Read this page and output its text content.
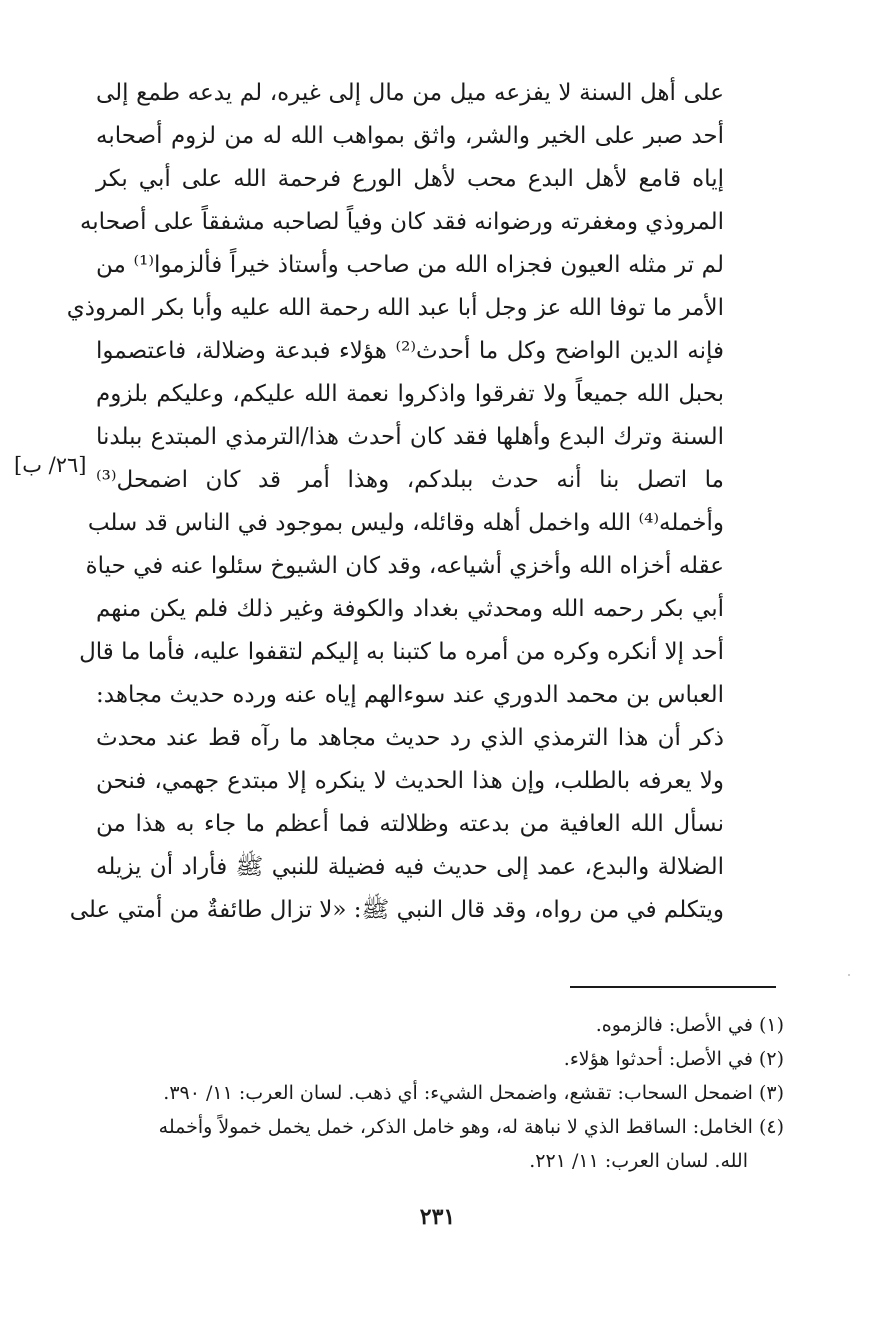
على أهل السنة لا يفزعه ميل من مال إلى غيره، لم يدعه طمع إلى
أحد صبر على الخير والشر، واثق بمواهب الله له من لزوم أصحابه
إياه قامع لأهل البدع محب لأهل الورع فرحمة الله على أبي بكر
المروذي ومغفرته ورضوانه فقد كان وفياً لصاحبه مشفقاً على أصحابه
لم تر مثله العيون فجزاه الله من صاحب وأستاذ خيراً فألزموا⁽¹⁾ من
الأمر ما توفا الله عز وجل أبا عبد الله رحمة الله عليه وأبا بكر المروذي
فإنه الدين الواضح وكل ما أحدث⁽²⁾ هؤلاء فبدعة وضلالة، فاعتصموا
بحبل الله جميعاً ولا تفرقوا واذكروا نعمة الله عليكم، وعليكم بلزوم
السنة وترك البدع وأهلها فقد كان أحدث هذا/الترمذي المبتدع ببلدنا
ما اتصل بنا أنه حدث ببلدكم، وهذا أمر قد كان اضمحل⁽³⁾
وأخمله⁽⁴⁾ الله واخمل أهله وقائله، وليس بموجود في الناس قد سلب
عقله أخزاه الله وأخزي أشياعه، وقد كان الشيوخ سئلوا عنه في حياة
أبي بكر رحمه الله ومحدثي بغداد والكوفة وغير ذلك فلم يكن منهم
أحد إلا أنكره وكره من أمره ما كتبنا به إليكم لتقفوا عليه، فأما ما قال
العباس بن محمد الدوري عند سوءالهم إياه عنه ورده حديث مجاهد:
ذكر أن هذا الترمذي الذي رد حديث مجاهد ما رآه قط عند محدث
ولا يعرفه بالطلب، وإن هذا الحديث لا ينكره إلا مبتدع جهمي، فنحن
نسأل الله العافية من بدعته وظلالته فما أعظم ما جاء به هذا من
الضلالة والبدع، عمد إلى حديث فيه فضيلة للنبي ﷺ فأراد أن يزيله
ويتكلم في من رواه، وقد قال النبي ﷺ: «لا تزال طائفةٌ من أمتي على
[٢٦/ ب]
(١) في الأصل: فالزموه.
(٢) في الأصل: أحدثوا هؤلاء.
(٣) اضمحل السحاب: تقشع، واضمحل الشيء: أي ذهب. لسان العرب: ١١/ ٣٩٠.
(٤) الخامل: الساقط الذي لا نباهة له، وهو خامل الذكر، خمل يخمل خمولاً وأخمله
الله. لسان العرب: ١١/ ٢٢١.
٢٣١
